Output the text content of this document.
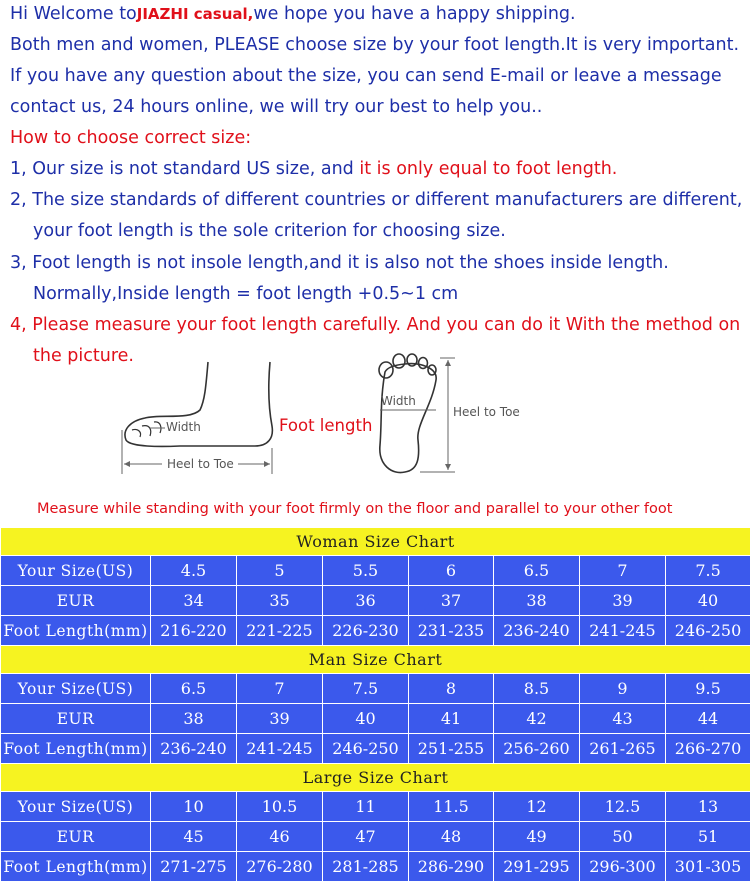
Hi Welcome toJIAZHI casual,we hope you have a happy shipping.
Both men and women, PLEASE choose size by your foot length.It is very important.
If you have any question about the size, you can send E-mail or leave a message
contact us, 24 hours online, we will try our best to help you..
How to choose correct size:
1, Our size is not standard US size, and it is only equal to foot length.
2, The size standards of different countries or different manufacturers are different,
your foot length is the sole criterion for choosing size.
3, Foot length is not insole length,and it is also not the shoes inside length.
Normally,Inside length = foot length +0.5~1 cm
4, Please measure your foot length carefully. And you can do it With the method on
the picture.
Width
Heel to Toe
Foot length
Width
Heel to Toe
Measure while standing with your foot firmly on the floor and parallel to your other foot
Woman Size Chart							
Your Size(US)	4.5	5	5.5	6	6.5	7	7.5
EUR	34	35	36	37	38	39	40
Foot Length(mm)	216-220	221-225	226-230	231-235	236-240	241-245	246-250
Man Size Chart							
Your Size(US)	6.5	7	7.5	8	8.5	9	9.5
EUR	38	39	40	41	42	43	44
Foot Length(mm)	236-240	241-245	246-250	251-255	256-260	261-265	266-270
Large Size Chart							
Your Size(US)	10	10.5	11	11.5	12	12.5	13
EUR	45	46	47	48	49	50	51
Foot Length(mm)	271-275	276-280	281-285	286-290	291-295	296-300	301-305
